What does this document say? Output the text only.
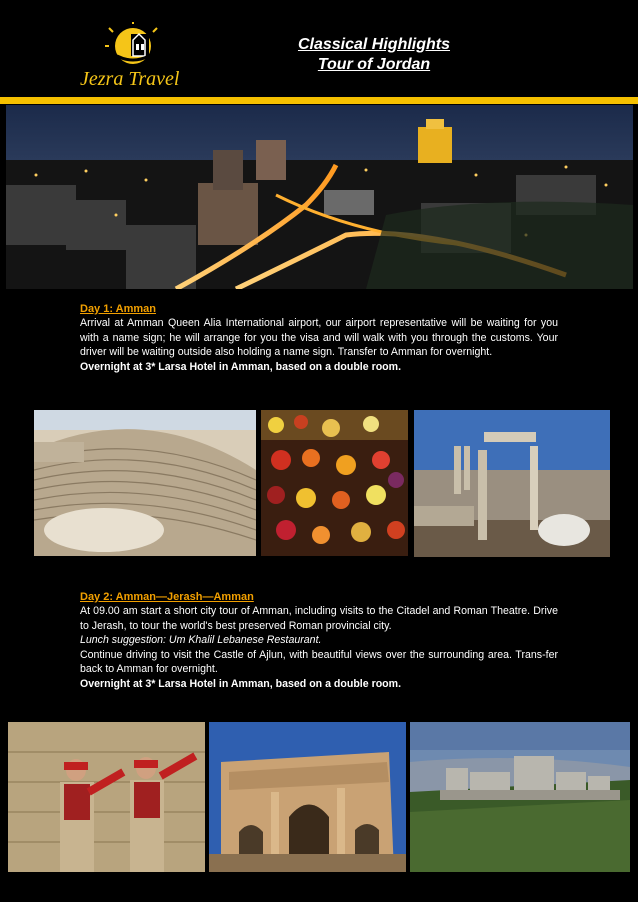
Jezra Travel
Classical Highlights
Tour of Jordan
Day 1: Amman
Arrival at Amman Queen Alia International airport, our airport representative will be waiting for you with a name sign; he will arrange for you the visa and will walk with you through the customs. Your driver will be waiting outside also holding a name sign. Transfer to Amman for overnight.
Overnight at 3* Larsa Hotel in Amman, based on a double room.
Day 2: Amman—Jerash—Amman
At 09.00 am start a short city tour of Amman, including visits to the Citadel and Roman Theatre. Drive to Jerash, to tour the world's best preserved Roman provincial city.
Lunch suggestion: Um Khalil Lebanese Restaurant.
Continue driving to visit the Castle of Ajlun, with beautiful views over the surrounding area. Trans-fer back to Amman for overnight.
Overnight at 3* Larsa Hotel in Amman, based on a double room.
